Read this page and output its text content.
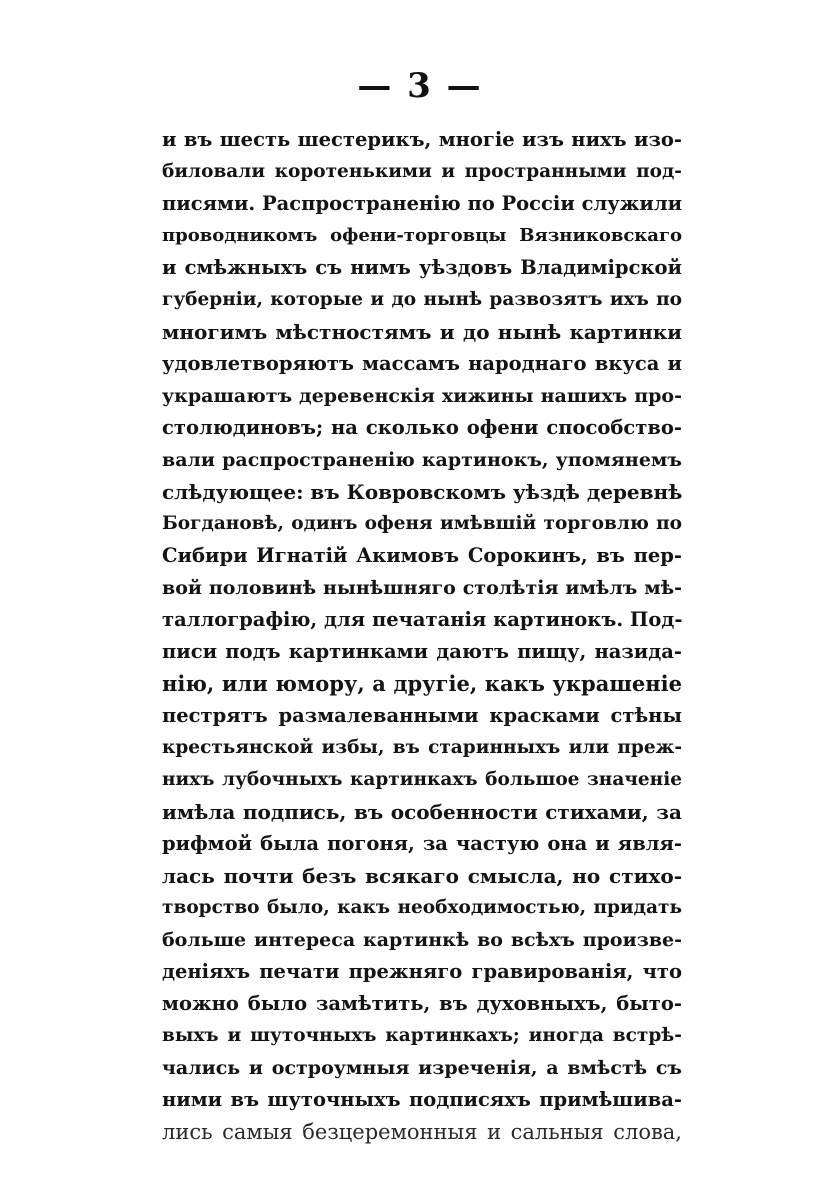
— 3 —
и въ шесть шестерикъ, многіе изъ нихъ изо-
биловали коротенькими и пространными под-
писями. Распространенію по Россіи служили
проводникомъ офени-торговцы Вязниковскаго
и смѣжныхъ съ нимъ уѣздовъ Владимірской
губерніи, которые и до нынѣ развозятъ ихъ по
многимъ мѣстностямъ и до нынѣ картинки
удовлетворяютъ массамъ народнаго вкуса и
украшаютъ деревенскія хижины нашихъ про-
столюдиновъ; на сколько офени способство-
вали распространенію картинокъ, упомянемъ
слѣдующее: въ Ковровскомъ уѣздѣ деревнѣ
Богдановѣ, одинъ офеня имѣвшій торговлю по
Сибири Игнатій Акимовъ Сорокинъ, въ пер-
вой половинѣ нынѣшняго столѣтія имѣлъ мѣ-
таллографію, для печатанія картинокъ. Под-
писи подъ картинками даютъ пищу, назида-
нію, или юмору, а другіе, какъ украшеніе
пестрятъ размалеванными красками стѣны
крестьянской избы, въ старинныхъ или преж-
нихъ лубочныхъ картинкахъ большое значеніе
имѣла подпись, въ особенности стихами, за
рифмой была погоня, за частую она и явля-
лась почти безъ всякаго смысла, но стихо-
творство было, какъ необходимостью, придать
больше интереса картинкѣ во всѣхъ произве-
деніяхъ печати прежняго гравированія, что
можно было замѣтить, въ духовныхъ, быто-
выхъ и шуточныхъ картинкахъ; иногда встрѣ-
чались и остроумныя изреченія, а вмѣстѣ съ
ними въ шуточныхъ подписяхъ примѣшива-
лись самыя безцеремонныя и сальныя слова,
